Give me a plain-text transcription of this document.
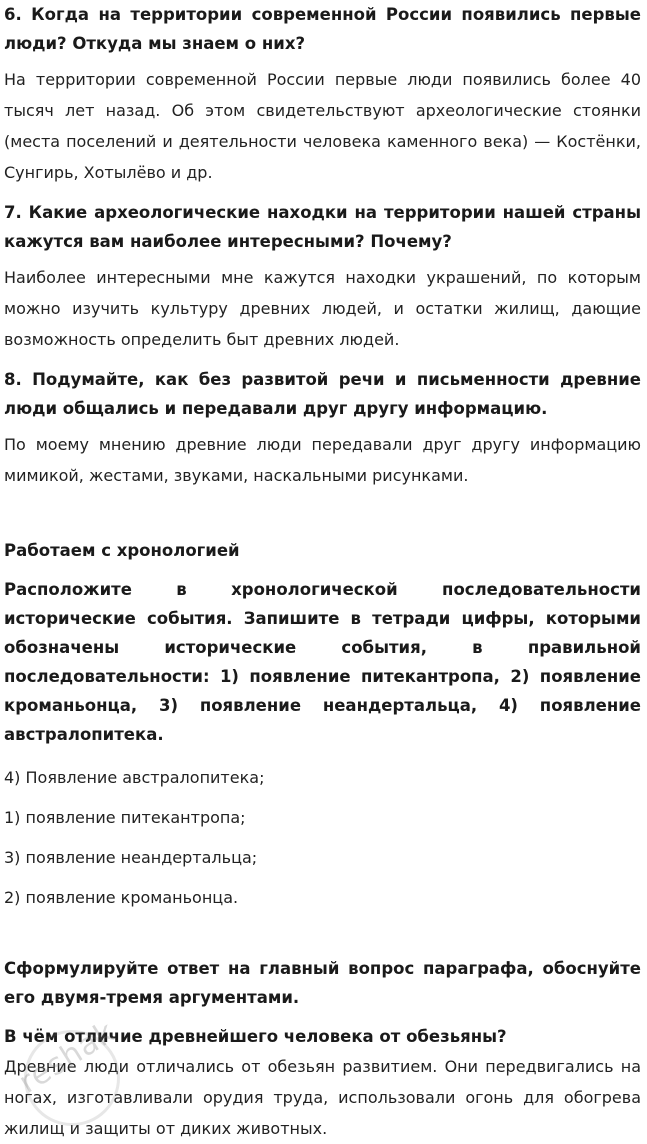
6. Когда на территории современной России появились первые люди? Откуда мы знаем о них?

На территории современной России первые люди появились более 40 тысяч лет назад. Об этом свидетельствуют археологические стоянки (места поселений и деятельности человека каменного века) — Костёнки, Сунгирь, Хотылёво и др.

7. Какие археологические находки на территории нашей страны кажутся вам наиболее интересными? Почему?

Наиболее интересными мне кажутся находки украшений, по которым можно изучить культуру древних людей, и остатки жилищ, дающие возможность определить быт древних людей.

8. Подумайте, как без развитой речи и письменности древние люди общались и передавали друг другу информацию.

По моему мнению древние люди передавали друг другу информацию мимикой, жестами, звуками, наскальными рисунками.

Работаем с хронологией

Расположите в хронологической последовательности исторические события. Запишите в тетради цифры, которыми обозначены исторические события, в правильной последовательности: 1) появление питекантропа, 2) появление кроманьонца, 3) появление неандертальца, 4) появление австралопитека.

4) Появление австралопитека;

1) появление питекантропа;

3) появление неандертальца;

2) появление кроманьонца.

Сформулируйте ответ на главный вопрос параграфа, обоснуйте его двумя-тремя аргументами.

В чём отличие древнейшего человека от обезьяны?

Древние люди отличались от обезьян развитием. Они передвигались на ногах, изготавливали орудия труда, использовали огонь для обогрева жилищ и защиты от диких животных.

reshak
